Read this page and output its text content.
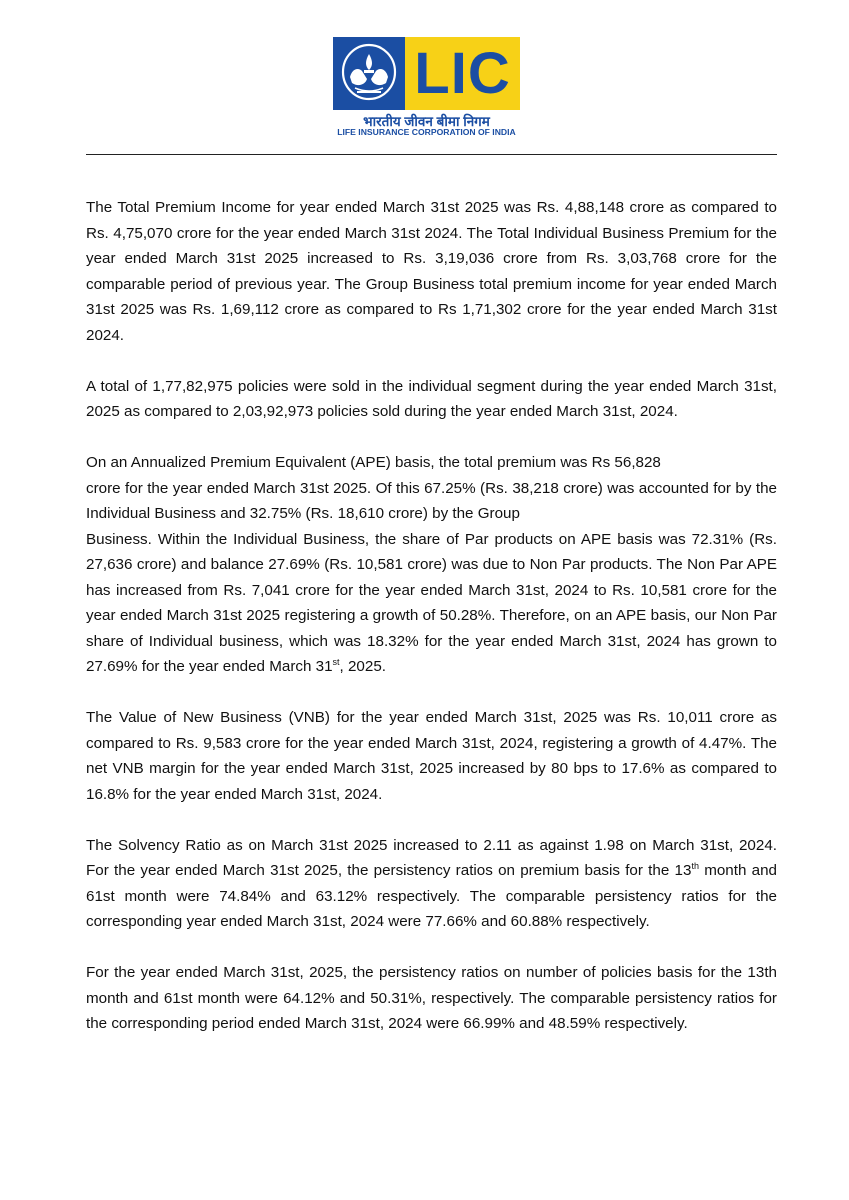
LIC
भारतीय जीवन बीमा निगम
LIFE INSURANCE CORPORATION OF INDIA

The Total Premium Income for year ended March 31st 2025 was Rs. 4,88,148 crore as compared to Rs. 4,75,070 crore for the year ended March 31st 2024. The Total Individual Business Premium for the year ended March 31st 2025 increased to Rs. 3,19,036 crore from Rs. 3,03,768 crore for the comparable period of previous year. The Group Business total premium income for year ended March 31st 2025 was Rs. 1,69,112 crore as compared to Rs 1,71,302 crore for the year ended March 31st 2024.

A total of 1,77,82,975 policies were sold in the individual segment during the year ended March 31st, 2025 as compared to 2,03,92,973 policies sold during the year ended March 31st, 2024.

On an Annualized Premium Equivalent (APE) basis, the total premium was Rs 56,828
crore for the year ended March 31st 2025. Of this 67.25% (Rs. 38,218 crore) was accounted for by the Individual Business and 32.75% (Rs. 18,610 crore) by the Group
Business. Within the Individual Business, the share of Par products on APE basis was 72.31% (Rs. 27,636 crore) and balance 27.69% (Rs. 10,581 crore) was due to Non Par products. The Non Par APE has increased from Rs. 7,041 crore for the year ended March 31st, 2024 to Rs. 10,581 crore for the year ended March 31st 2025 registering a growth of 50.28%. Therefore, on an APE basis, our Non Par share of Individual business, which was 18.32% for the year ended March 31st, 2024 has grown to 27.69% for the year ended March 31st, 2025.

The Value of New Business (VNB) for the year ended March 31st, 2025 was Rs. 10,011 crore as compared to Rs. 9,583 crore for the year ended March 31st, 2024, registering a growth of 4.47%. The net VNB margin for the year ended March 31st, 2025 increased by 80 bps to 17.6% as compared to 16.8% for the year ended March 31st, 2024.

The Solvency Ratio as on March 31st 2025 increased to 2.11 as against 1.98 on March 31st, 2024. For the year ended March 31st 2025, the persistency ratios on premium basis for the 13th month and 61st month were 74.84% and 63.12% respectively. The comparable persistency ratios for the corresponding year ended March 31st, 2024 were 77.66% and 60.88% respectively.

For the year ended March 31st, 2025, the persistency ratios on number of policies basis for the 13th month and 61st month were 64.12% and 50.31%, respectively. The comparable persistency ratios for the corresponding period ended March 31st, 2024 were 66.99% and 48.59% respectively.
